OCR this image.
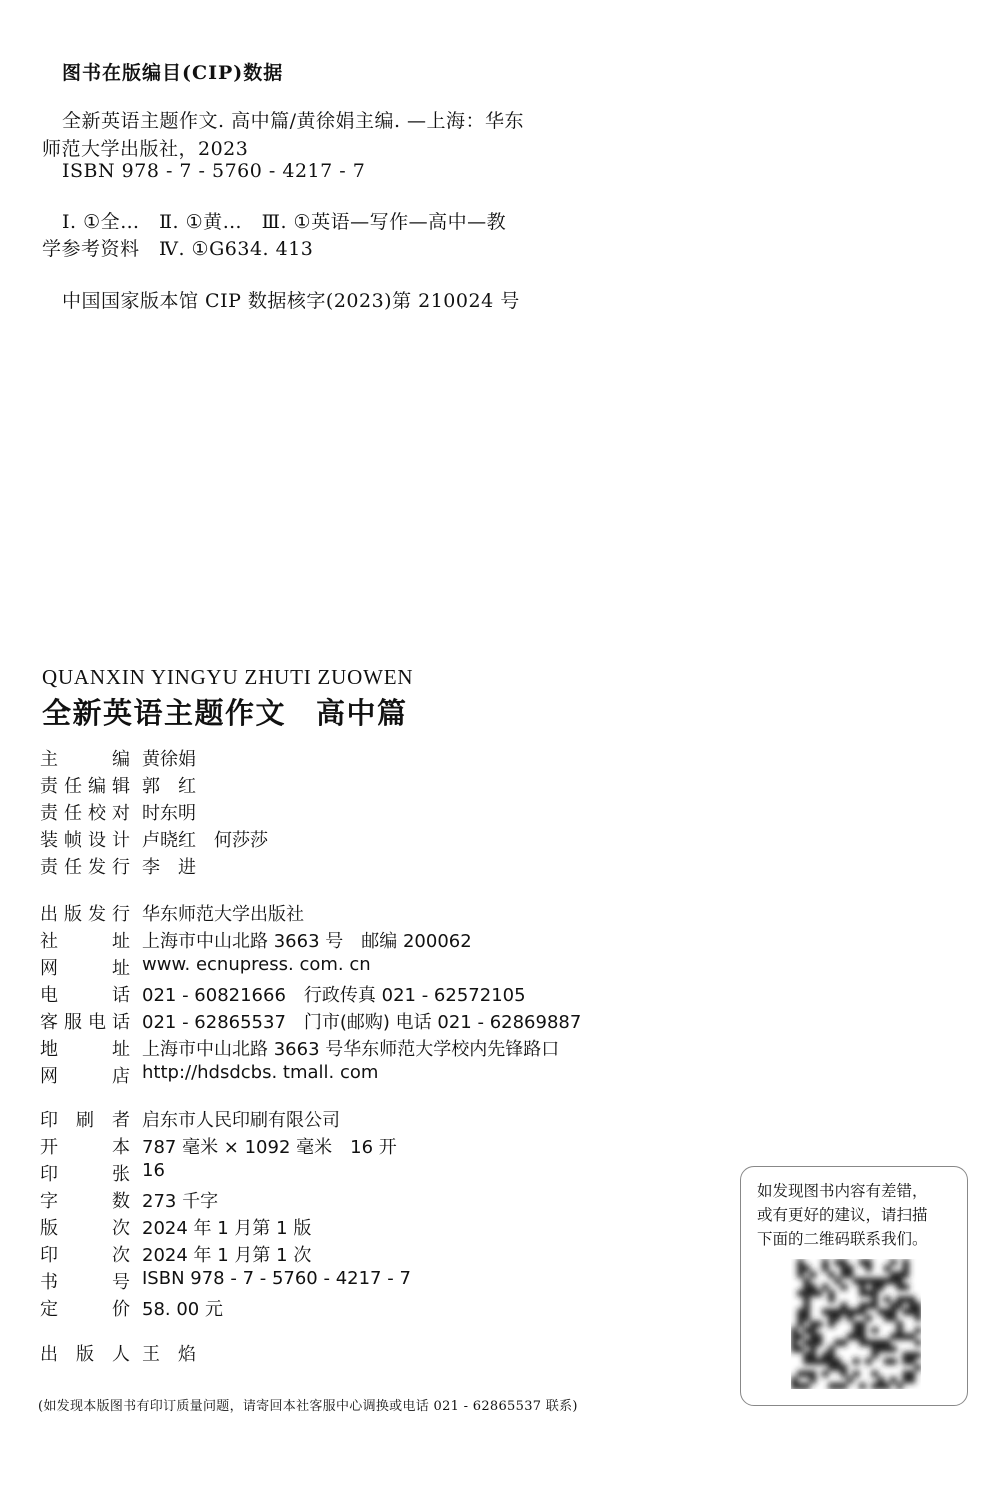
图书在版编目(CIP)数据
全新英语主题作文. 高中篇/黄徐娟主编. —上海：华东
师范大学出版社，2023
ISBN 978 - 7 - 5760 - 4217 - 7
Ⅰ. ①全…　Ⅱ. ①黄…　Ⅲ. ①英语—写作—高中—教
学参考资料　Ⅳ. ①G634. 413
中国国家版本馆 CIP 数据核字(2023)第 210024 号
QUANXIN YINGYU ZHUTI ZUOWEN
全新英语主题作文 高中篇
主　　编 黄徐娟
责任编辑 郭　红
责任校对 时东明
装帧设计 卢晓红　何莎莎
责任发行 李　进
出版发行 华东师范大学出版社
社　　址 上海市中山北路 3663 号　邮编 200062
网　　址 www. ecnupress. com. cn
电　　话 021 - 60821666　行政传真 021 - 62572105
客服电话 021 - 62865537　门市(邮购) 电话 021 - 62869887
地　　址 上海市中山北路 3663 号华东师范大学校内先锋路口
网　　店 http://hdsdcbs. tmall. com
印 刷 者 启东市人民印刷有限公司
开　　本 787 毫米 × 1092 毫米　16 开
印　　张 16
字　　数 273 千字
版　　次 2024 年 1 月第 1 版
印　　次 2024 年 1 月第 1 次
书　　号 ISBN 978 - 7 - 5760 - 4217 - 7
定　　价 58. 00 元
出 版 人 王　焰
(如发现本版图书有印订质量问题，请寄回本社客服中心调换或电话 021 - 62865537 联系)
如发现图书内容有差错，
或有更好的建议，请扫描
下面的二维码联系我们。
